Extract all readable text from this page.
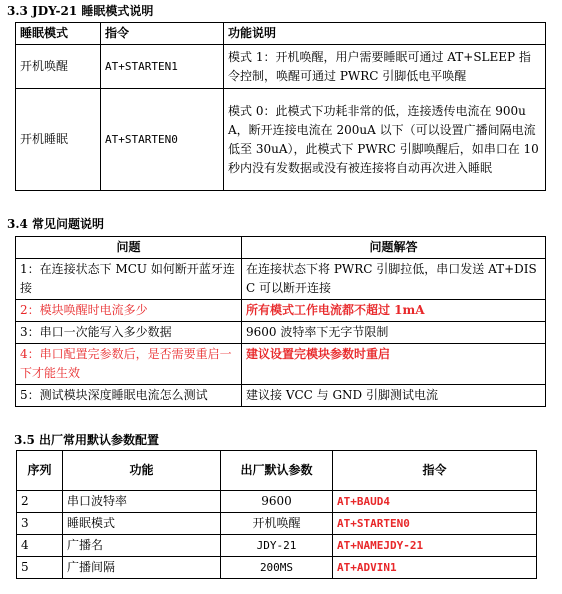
3.3 JDY-21 睡眠模式说明
睡眠模式	指令	功能说明
开机唤醒	AT+STARTEN1	模式 1：开机唤醒，用户需要睡眠可通过 AT+SLEEP 指令控制，唤醒可通过 PWRC 引脚低电平唤醒
开机睡眠	AT+STARTEN0	模式 0：此模式下功耗非常的低，连接透传电流在 900uA，断开连接电流在 200uA 以下（可以设置广播间隔电流低至 30uA），此模式下 PWRC 引脚唤醒后，如串口在 10 秒内没有发数据或没有被连接将自动再次进入睡眠
3.4 常见问题说明
问题	问题解答
1：在连接状态下 MCU 如何断开蓝牙连接	在连接状态下将 PWRC 引脚拉低，串口发送 AT+DISC 可以断开连接
2：模块唤醒时电流多少	所有模式工作电流都不超过 1mA
3：串口一次能写入多少数据	9600 波特率下无字节限制
4：串口配置完参数后，是否需要重启一下才能生效	建议设置完模块参数时重启
5：测试模块深度睡眠电流怎么测试	建议接 VCC 与 GND 引脚测试电流
3.5 出厂常用默认参数配置
序列	功能	出厂默认参数	指令
2	串口波特率	9600	AT+BAUD4
3	睡眠模式	开机唤醒	AT+STARTEN0
4	广播名	JDY-21	AT+NAMEJDY-21
5	广播间隔	200MS	AT+ADVIN1
